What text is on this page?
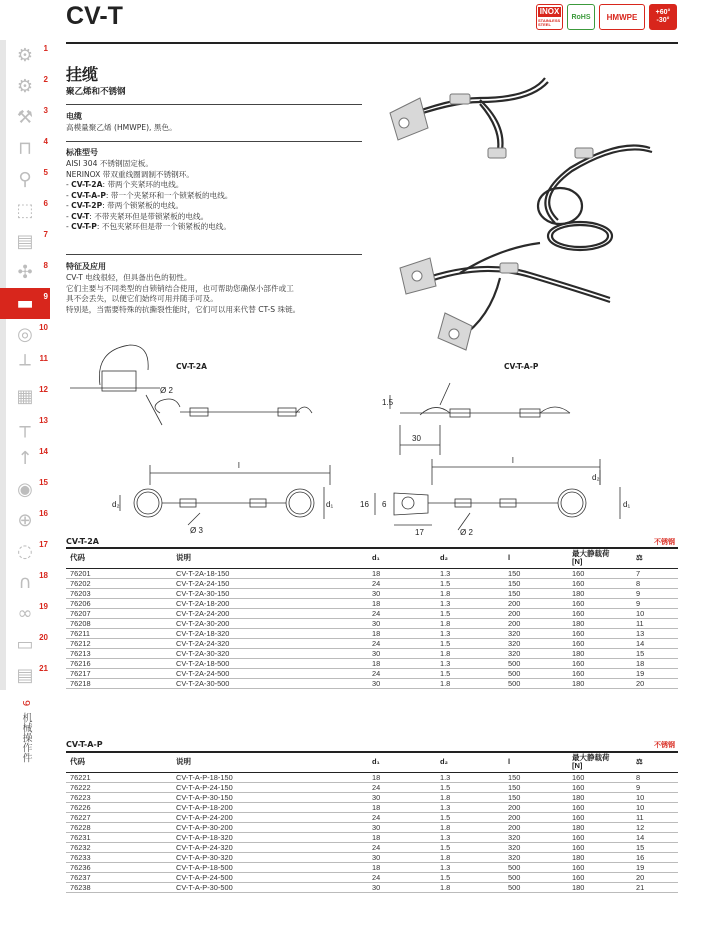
CV-T	INOX
STAINLESS STEEL
RoHS HMWPE	+60°
-30°
⚙	1
⚙	2
⚒	3
⊓	4
⚲	5
⬚	6
▤	7
✣	8
▬	9
◎ 10
┴	11
▦ 12
┬	13
↑ 14
◉ 15
⊕ 16
◌ 17
∩ 18
∞ 19
▭ 20
▤ 21
9  机械操作件
挂缆
聚乙烯和不锈钢
电缆
高模量聚乙烯 (HMWPE), 黑色。
标准型号
AISI 304 不锈钢固定板。
NERINOX 带双重线圈调制不锈钢环。
- CV-T-2A: 带两个夹紧环的电线。
- CV-T-A-P: 带一个夹紧环和一个锁紧板的电线。
- CV-T-2P: 带两个锁紧板的电线。
- CV-T: 不带夹紧环但是带锁紧板的电线。
- CV-T-P: 不包夹紧环但是带一个锁紧板的电线。
特征及应用
CV-T 电线很轻，但具备出色的韧性。
它们主要与不同类型的自锁销结合使用，也可帮助您确保小部件或工
具不会丢失，以便它们始终可用并随手可及。
特别是，当需要特殊的抗撕裂性能时，它们可以用来代替 CT-S 珠链。
CV-T-2A	CV-T-A-P
Ø 2
l
d₂	d₁
Ø 3
1.5
30
16 6
17	Ø 2
l
d₂
d₁
CV-T-2A	不锈钢
代码	说明	d₁	d₂	l	最大静载荷
[N]	⚖
76201	CV-T-2A-18-150	18	1.3	150	160	7
76202	CV-T-2A-24-150	24	1.5	150	160	8
76203	CV-T-2A-30-150	30	1.8	150	180	9
76206	CV-T-2A-18-200	18	1.3	200	160	9
76207	CV-T-2A-24-200	24	1.5	200	160	10
76208	CV-T-2A-30-200	30	1.8	200	180	11
76211	CV-T-2A-18-320	18	1.3	320	160	13
76212	CV-T-2A-24-320	24	1.5	320	160	14
76213	CV-T-2A-30-320	30	1.8	320	180	15
76216	CV-T-2A-18-500	18	1.3	500	160	18
76217	CV-T-2A-24-500	24	1.5	500	160	19
76218	CV-T-2A-30-500	30	1.8	500	180	20
CV-T-A-P	不锈钢
代码	说明	d₁	d₂	l	最大静载荷
[N]	⚖
76221	CV-T-A-P-18-150	18	1.3	150	160	8
76222	CV-T-A-P-24-150	24	1.5	150	160	9
76223	CV-T-A-P-30-150	30	1.8	150	180	10
76226	CV-T-A-P-18-200	18	1.3	200	160	10
76227	CV-T-A-P-24-200	24	1.5	200	160	11
76228	CV-T-A-P-30-200	30	1.8	200	180	12
76231	CV-T-A-P-18-320	18	1.3	320	160	14
76232	CV-T-A-P-24-320	24	1.5	320	160	15
76233	CV-T-A-P-30-320	30	1.8	320	180	16
76236	CV-T-A-P-18-500	18	1.3	500	160	19
76237	CV-T-A-P-24-500	24	1.5	500	160	20
76238	CV-T-A-P-30-500	30	1.8	500	180	21
